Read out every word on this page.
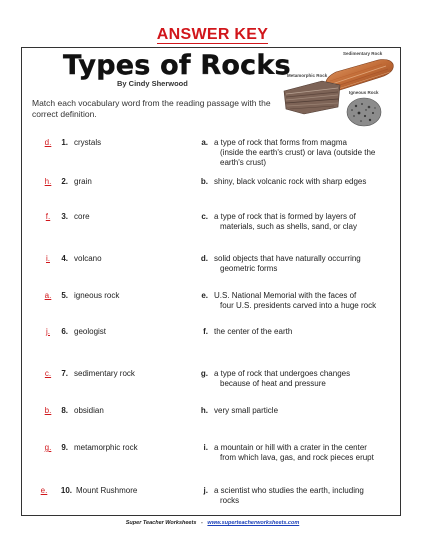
ANSWER KEY
Types of Rocks
By Cindy Sherwood
Match each vocabulary word from the reading passage with the correct definition.
Sedimentary Rock
Metamorphic Rock
Igneous Rock
d.	1. crystals	a. a type of rock that forms from magma
(inside the earth's crust) or lava (outside the
earth's crust)
h.	2. grain	b. shiny, black volcanic rock with sharp edges
f.	3. core	c. a type of rock that is formed by layers of
materials, such as shells, sand, or clay
i.	4. volcano	d. solid objects that have naturally occurring
geometric forms
a.	5. igneous rock	e. U.S. National Memorial with the faces of
four U.S. presidents carved into a huge rock
j.	6. geologist	f. the center of the earth
c.	7. sedimentary rock	g. a type of rock that undergoes changes
because of heat and pressure
b.	8. obsidian	h. very small particle
g.	9. metamorphic rock	i. a mountain or hill with a crater in the center
from which lava, gas, and rock pieces erupt
e.	10. Mount Rushmore	j. a scientist who studies the earth, including
rocks
Super Teacher Worksheets - www.superteacherworksheets.com
